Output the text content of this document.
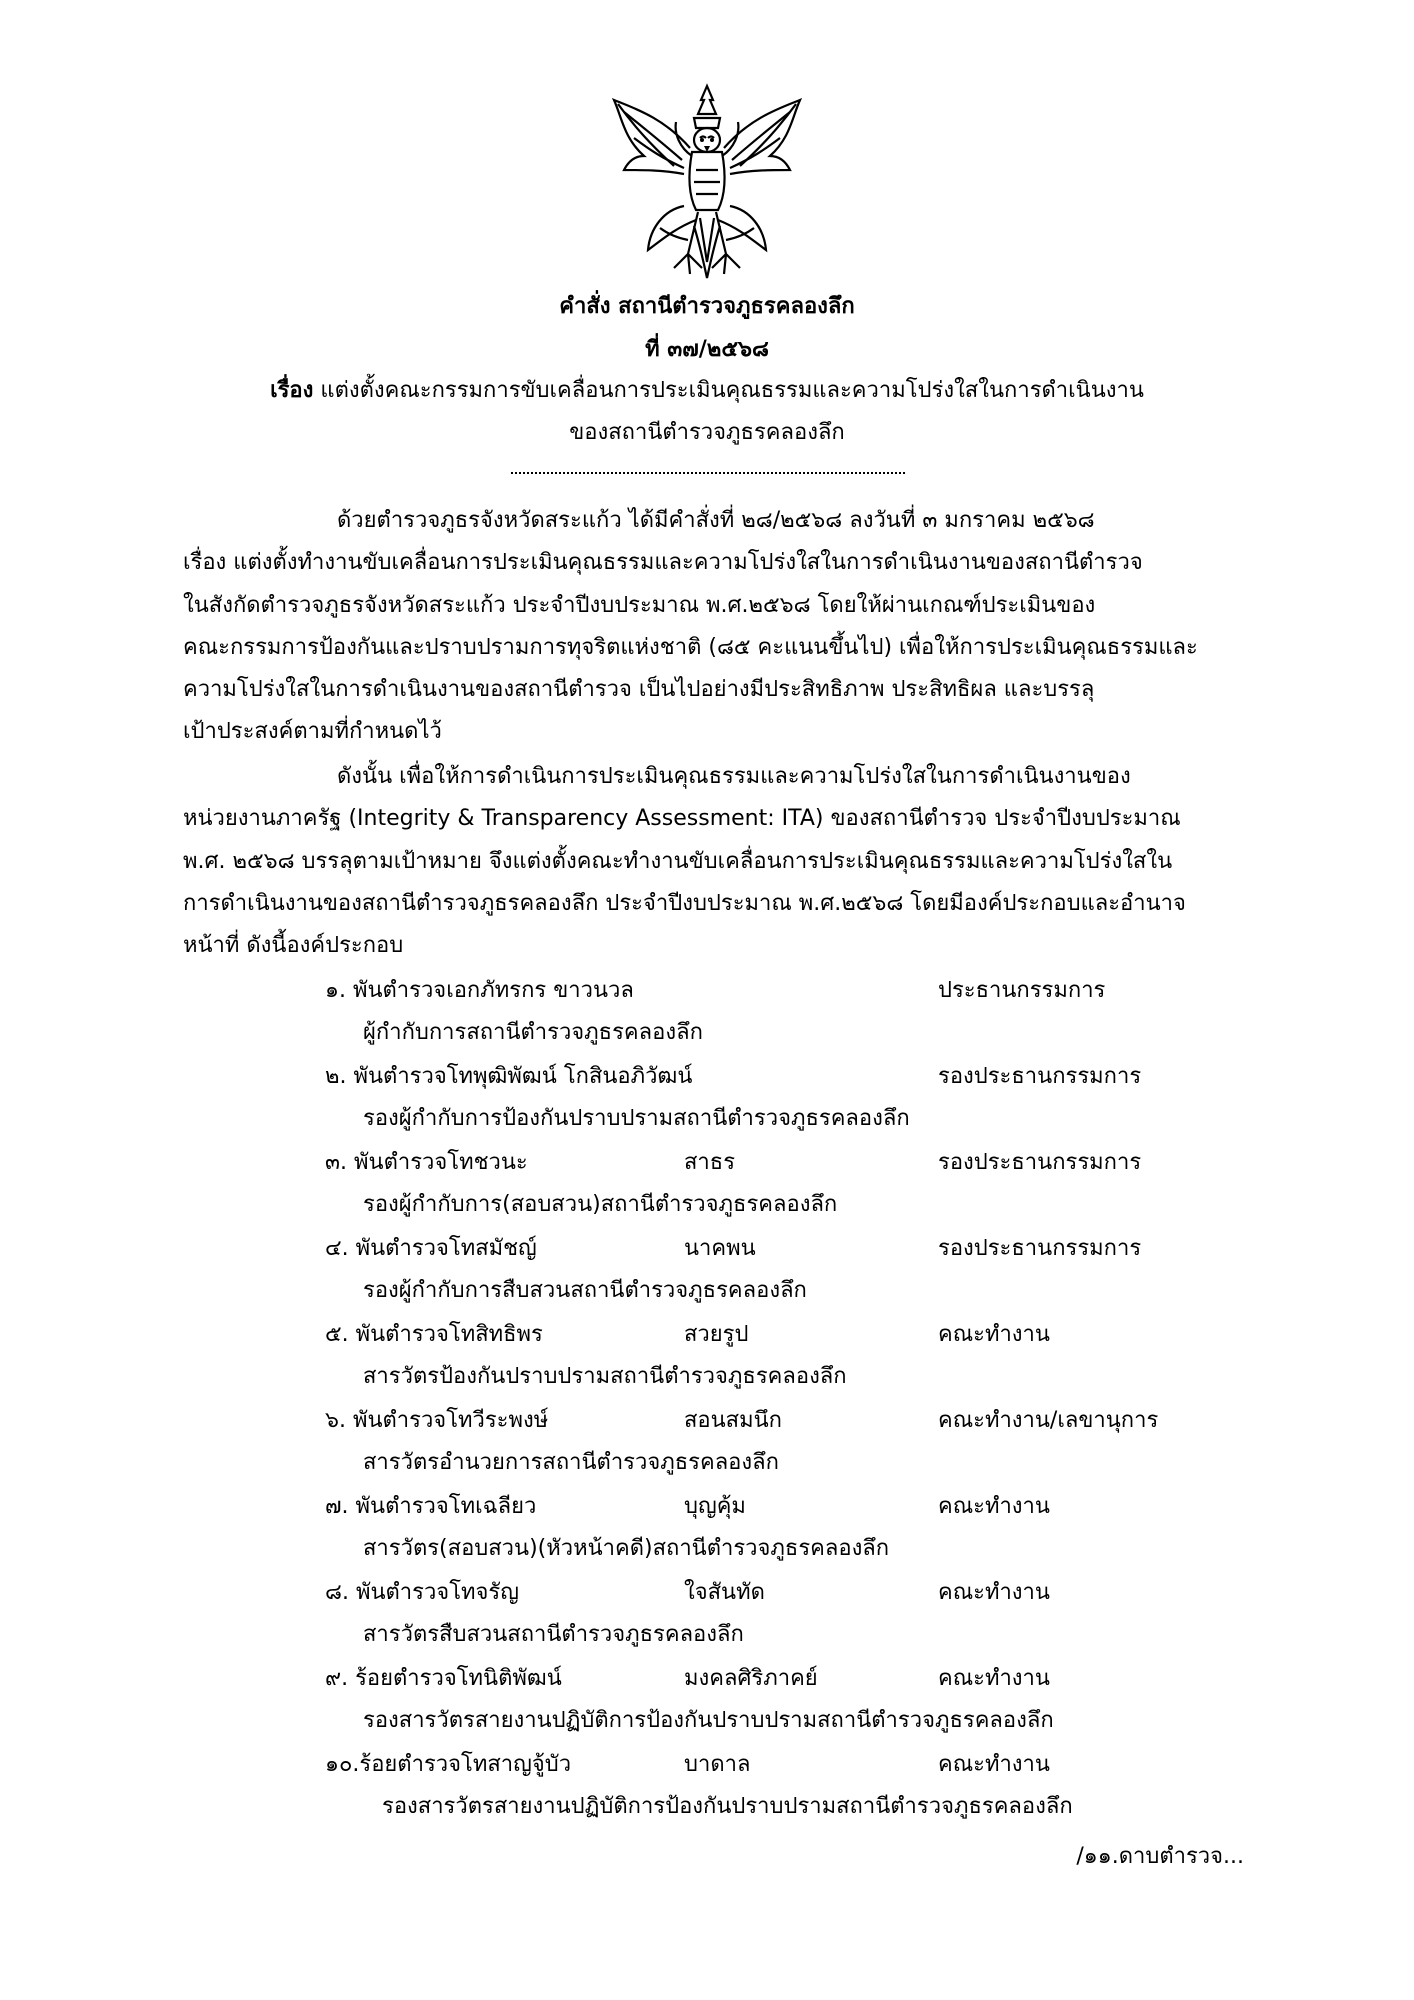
คำสั่ง สถานีตำรวจภูธรคลองลึก
ที่ ๓๗/๒๕๖๘
เรื่อง แต่งตั้งคณะกรรมการขับเคลื่อนการประเมินคุณธรรมและความโปร่งใสในการดำเนินงาน
ของสถานีตำรวจภูธรคลองลึก
ด้วยตำรวจภูธรจังหวัดสระแก้ว ได้มีคำสั่งที่ ๒๘/๒๕๖๘ ลงวันที่ ๓ มกราคม ๒๕๖๘
เรื่อง แต่งตั้งทำงานขับเคลื่อนการประเมินคุณธรรมและความโปร่งใสในการดำเนินงานของสถานีตำรวจ
ในสังกัดตำรวจภูธรจังหวัดสระแก้ว ประจำปีงบประมาณ พ.ศ.๒๕๖๘ โดยให้ผ่านเกณฑ์ประเมินของ
คณะกรรมการป้องกันและปราบปรามการทุจริตแห่งชาติ (๘๕ คะแนนขึ้นไป) เพื่อให้การประเมินคุณธรรมและ
ความโปร่งใสในการดำเนินงานของสถานีตำรวจ เป็นไปอย่างมีประสิทธิภาพ ประสิทธิผล และบรรลุ
เป้าประสงค์ตามที่กำหนดไว้
ดังนั้น เพื่อให้การดำเนินการประเมินคุณธรรมและความโปร่งใสในการดำเนินงานของ
หน่วยงานภาครัฐ (Integrity & Transparency Assessment: ITA) ของสถานีตำรวจ ประจำปีงบประมาณ
พ.ศ. ๒๕๖๘ บรรลุตามเป้าหมาย จึงแต่งตั้งคณะทำงานขับเคลื่อนการประเมินคุณธรรมและความโปร่งใสใน
การดำเนินงานของสถานีตำรวจภูธรคลองลึก ประจำปีงบประมาณ พ.ศ.๒๕๖๘ โดยมีองค์ประกอบและอำนาจ
หน้าที่ ดังนี้องค์ประกอบ
๑. พันตำรวจเอกภัทรกร ขาวนวล	ประธานกรรมการ
ผู้กำกับการสถานีตำรวจภูธรคลองลึก
๒. พันตำรวจโทพุฒิพัฒน์ โกสินอภิวัฒน์	รองประธานกรรมการ
รองผู้กำกับการป้องกันปราบปรามสถานีตำรวจภูธรคลองลึก
๓. พันตำรวจโทชวนะ	สาธร	รองประธานกรรมการ
รองผู้กำกับการ(สอบสวน)สถานีตำรวจภูธรคลองลึก
๔. พันตำรวจโทสมัชญ์	นาคพน	รองประธานกรรมการ
รองผู้กำกับการสืบสวนสถานีตำรวจภูธรคลองลึก
๕. พันตำรวจโทสิทธิพร	สวยรูป	คณะทำงาน
สารวัตรป้องกันปราบปรามสถานีตำรวจภูธรคลองลึก
๖. พันตำรวจโทวีระพงษ์	สอนสมนึก	คณะทำงาน/เลขานุการ
สารวัตรอำนวยการสถานีตำรวจภูธรคลองลึก
๗. พันตำรวจโทเฉลียว	บุญคุ้ม	คณะทำงาน
สารวัตร(สอบสวน)(หัวหน้าคดี)สถานีตำรวจภูธรคลองลึก
๘. พันตำรวจโทจรัญ	ใจสันทัด	คณะทำงาน
สารวัตรสืบสวนสถานีตำรวจภูธรคลองลึก
๙. ร้อยตำรวจโทนิติพัฒน์	มงคลศิริภาคย์	คณะทำงาน
รองสารวัตรสายงานปฏิบัติการป้องกันปราบปรามสถานีตำรวจภูธรคลองลึก
๑๐.ร้อยตำรวจโทสาญจู้บัว	บาดาล	คณะทำงาน
รองสารวัตรสายงานปฏิบัติการป้องกันปราบปรามสถานีตำรวจภูธรคลองลึก
/๑๑.ดาบตำรวจ...
